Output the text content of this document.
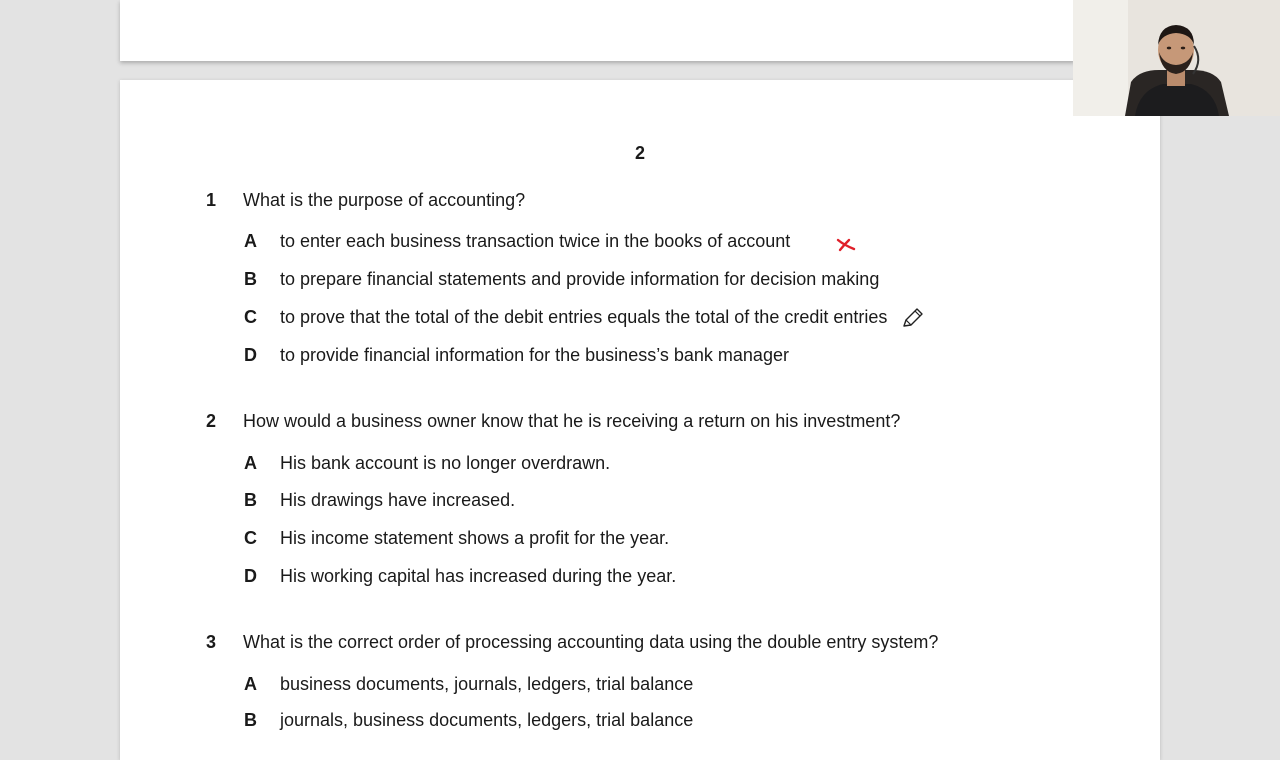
2
1 What is the purpose of accounting?
A to enter each business transaction twice in the books of account
B to prepare financial statements and provide information for decision making
C to prove that the total of the debit entries equals the total of the credit entries
D to provide financial information for the business’s bank manager
2 How would a business owner know that he is receiving a return on his investment?
A His bank account is no longer overdrawn.
B His drawings have increased.
C His income statement shows a profit for the year.
D His working capital has increased during the year.
3 What is the correct order of processing accounting data using the double entry system?
A business documents, journals, ledgers, trial balance
B journals, business documents, ledgers, trial balance
